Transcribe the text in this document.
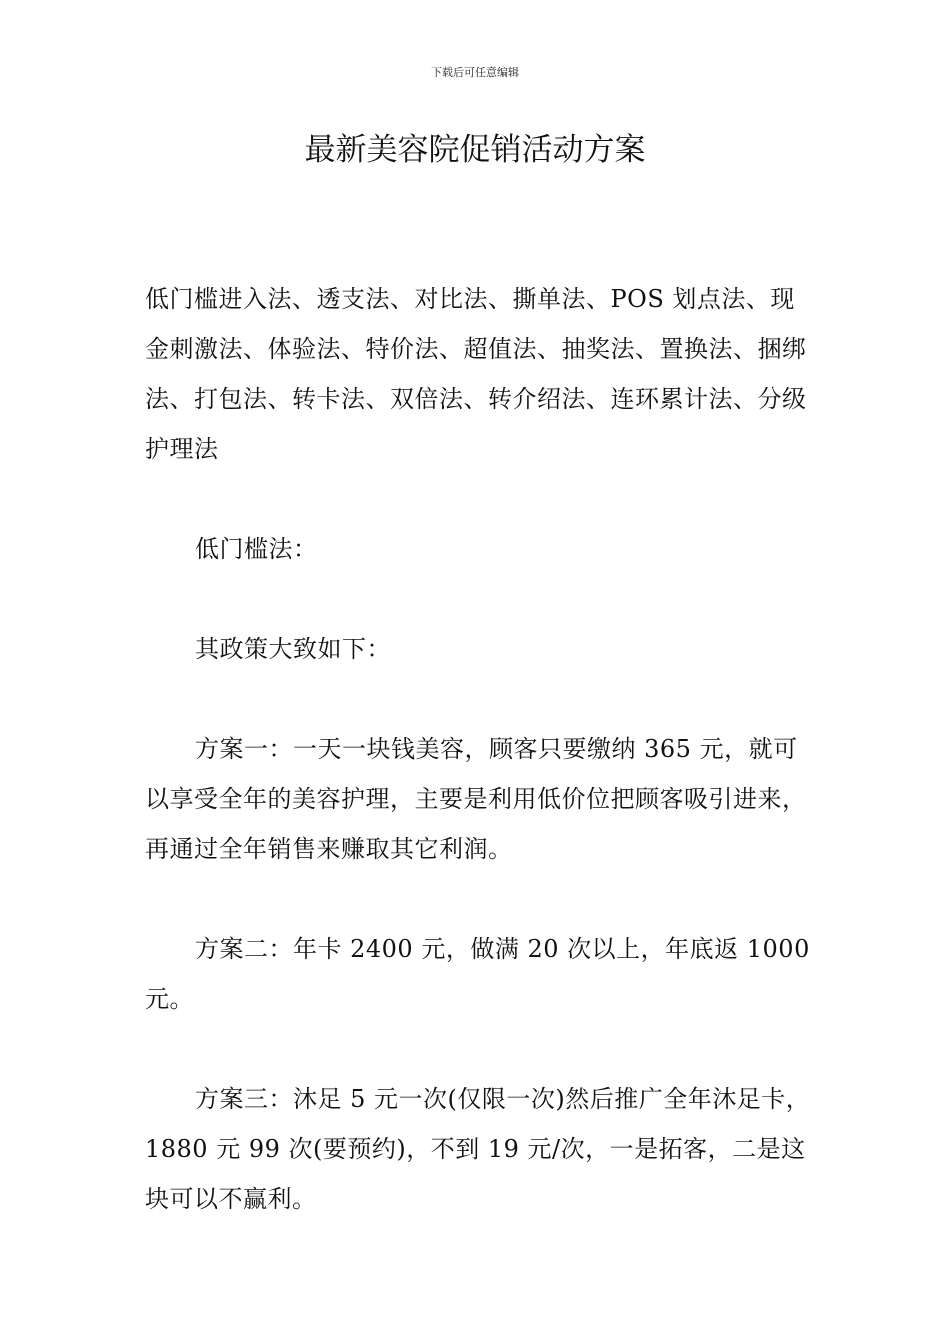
下载后可任意编辑
最新美容院促销活动方案

低门槛进入法、透支法、对比法、撕单法、POS 划点法、现金刺激法、体验法、特价法、超值法、抽奖法、置换法、捆绑法、打包法、转卡法、双倍法、转介绍法、连环累计法、分级护理法

低门槛法：

其政策大致如下：

方案一：一天一块钱美容，顾客只要缴纳 365 元，就可以享受全年的美容护理，主要是利用低价位把顾客吸引进来，再通过全年销售来赚取其它利润。

方案二：年卡 2400 元，做满 20 次以上，年底返 1000 元。

方案三：沐足 5 元一次(仅限一次)然后推广全年沐足卡，1880 元 99 次(要预约)，不到 19 元/次，一是拓客，二是这块可以不赢利。
